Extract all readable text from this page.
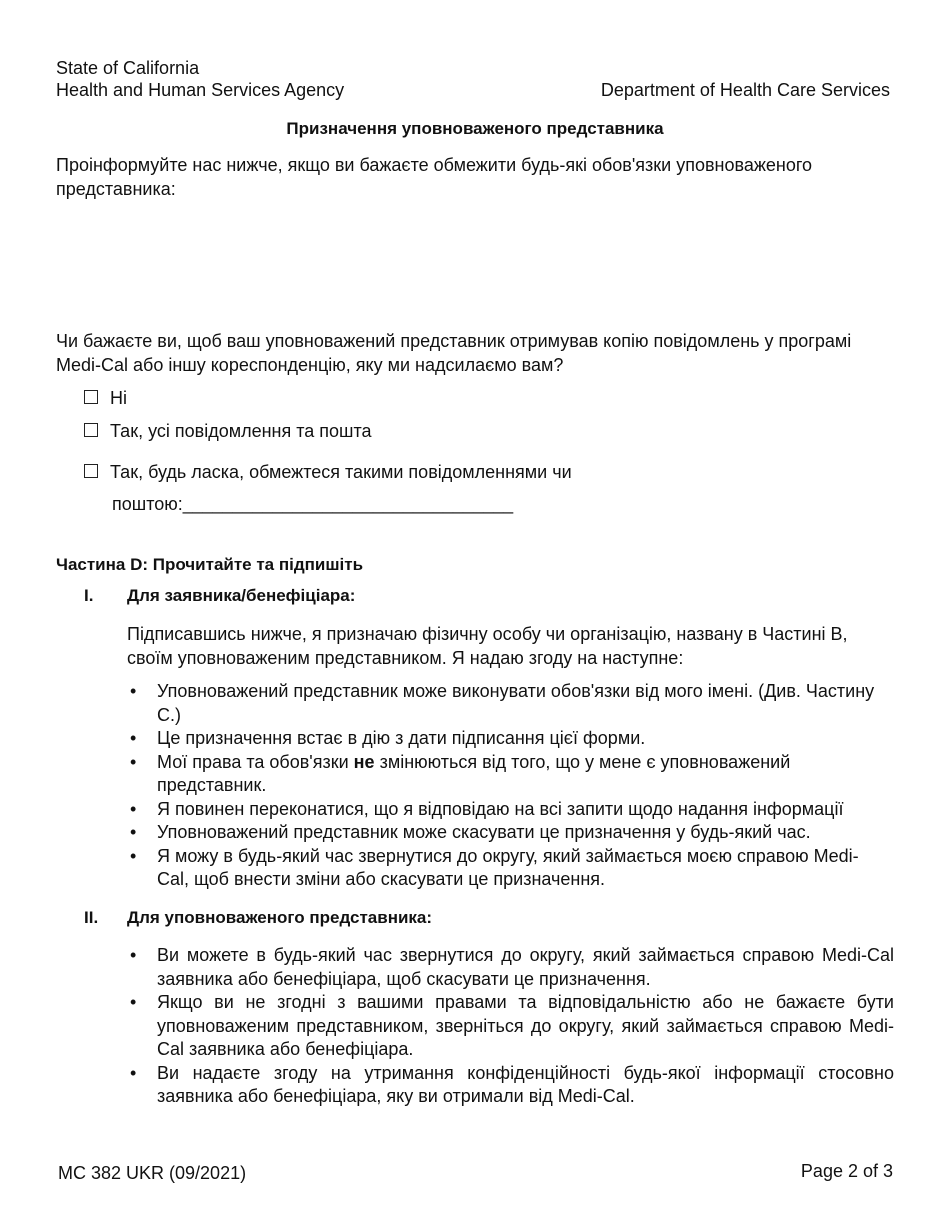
State of California
Health and Human Services Agency	Department of Health Care Services
Призначення уповноваженого представника
Проінформуйте нас нижче, якщо ви бажаєте обмежити будь-які обов'язки уповноваженого представника:
Чи бажаєте ви, щоб ваш уповноважений представник отримував копію повідомлень у програмі Medi-Cal або іншу кореспонденцію, яку ми надсилаємо вам?
Ні
Так, усі повідомлення та пошта
Так, будь ласка, обмежтеся такими повідомленнями чи
поштою:_________________________________
Частина D: Прочитайте та підпишіть
I. Для заявника/бенефіціара:
Підписавшись нижче, я призначаю фізичну особу чи організацію, названу в Частині B, своїм уповноваженим представником. Я надаю згоду на наступне:
• Уповноважений представник може виконувати обов'язки від мого імені. (Див. Частину C.)
• Це призначення встає в дію з дати підписання цієї форми.
• Мої права та обов'язки не змінюються від того, що у мене є уповноважений представник.
• Я повинен переконатися, що я відповідаю на всі запити щодо надання інформації
• Уповноважений представник може скасувати це призначення у будь-який час.
• Я можу в будь-який час звернутися до округу, який займається моєю справою Medi-Cal, щоб внести зміни або скасувати це призначення.
II. Для уповноваженого представника:
• Ви можете в будь-який час звернутися до округу, який займається справою Medi-Cal заявника або бенефіціара, щоб скасувати це призначення.
• Якщо ви не згодні з вашими правами та відповідальністю або не бажаєте бути уповноваженим представником, зверніться до округу, який займається справою Medi-Cal заявника або бенефіціара.
• Ви надаєте згоду на утримання конфіденційності будь-якої інформації стосовно заявника або бенефіціара, яку ви отримали від Medi-Cal.
MC 382 UKR (09/2021)	Page 2 of 3
